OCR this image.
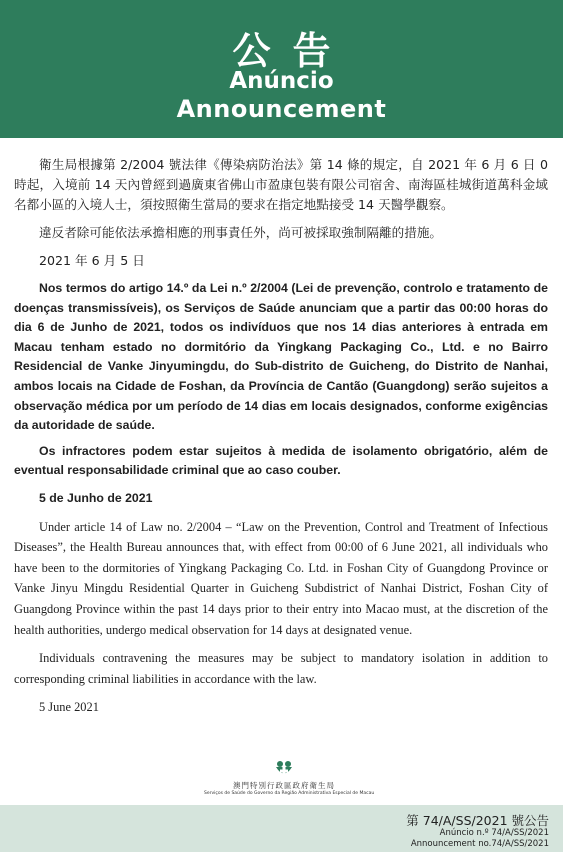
公告
Anúncio
Announcement

衛生局根據第 2/2004 號法律《傳染病防治法》第 14 條的規定，自 2021 年 6 月 6 日 0 時起，入境前 14 天內曾經到過廣東省佛山市盈康包裝有限公司宿舍、南海區桂城街道萬科金域名都小區的入境人士，須按照衛生當局的要求在指定地點接受 14 天醫學觀察。

違反者除可能依法承擔相應的刑事責任外，尚可被採取強制隔離的措施。

2021 年 6 月 5 日

Nos termos do artigo 14.º da Lei n.º 2/2004 (Lei de prevenção, controlo e tratamento de doenças transmissíveis), os Serviços de Saúde anunciam que a partir das 00:00 horas do dia 6 de Junho de 2021, todos os indivíduos que nos 14 dias anteriores à entrada em Macau tenham estado no dormitório da Yingkang Packaging Co., Ltd. e no Bairro Residencial de Vanke Jinyumingdu, do Sub-distrito de Guicheng, do Distrito de Nanhai, ambos locais na Cidade de Foshan, da Província de Cantão (Guangdong) serão sujeitos a observação médica por um período de 14 dias em locais designados, conforme exigências da autoridade de saúde.

Os infractores podem estar sujeitos à medida de isolamento obrigatório, além de eventual responsabilidade criminal que ao caso couber.

5 de Junho de 2021

Under article 14 of Law no. 2/2004 – “Law on the Prevention, Control and Treatment of Infectious Diseases”, the Health Bureau announces that, with effect from 00:00 of 6 June 2021, all individuals who have been to the dormitories of Yingkang Packaging Co. Ltd. in Foshan City of Guangdong Province or Vanke Jinyu Mingdu Residential Quarter in Guicheng Subdistrict of Nanhai District, Foshan City of Guangdong Province within the past 14 days prior to their entry into Macao must, at the discretion of the health authorities, undergo medical observation for 14 days at designated venue.

Individuals contravening the measures may be subject to mandatory isolation in addition to corresponding criminal liabilities in accordance with the law.

5 June 2021

澳門特別行政區政府衛生局
Serviços de Saúde do Governo da Região Administrativa Especial de Macau
第 74/A/SS/2021 號公告
Anúncio n.º 74/A/SS/2021
Announcement no.74/A/SS/2021
